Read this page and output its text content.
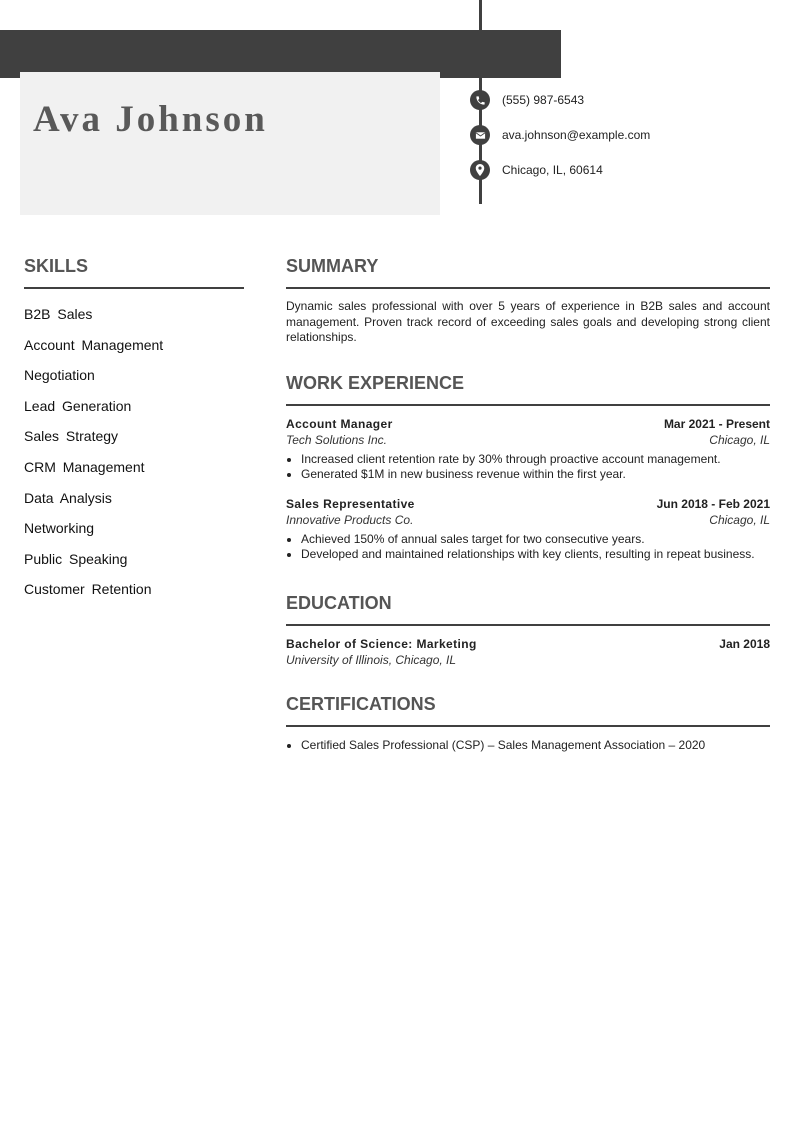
Ava Johnson	(555) 987-6543
ava.johnson@example.com
Chicago, IL, 60614
SKILLS
B2B Sales
Account Management
Negotiation
Lead Generation
Sales Strategy
CRM Management
Data Analysis
Networking
Public Speaking
Customer Retention
SUMMARY

Dynamic sales professional with over 5 years of experience in B2B sales and account management. Proven track record of exceeding sales goals and developing strong client relationships.

WORK EXPERIENCE
Account Manager	Mar 2021 - Present
Tech Solutions Inc.	Chicago, IL
• Increased client retention rate by 30% through proactive account management.
• Generated $1M in new business revenue within the first year.
Sales Representative	Jun 2018 - Feb 2021
Innovative Products Co.	Chicago, IL
• Achieved 150% of annual sales target for two consecutive years.
• Developed and maintained relationships with key clients, resulting in repeat business.
EDUCATION
Bachelor of Science: Marketing	Jan 2018
University of Illinois, Chicago, IL
CERTIFICATIONS
• Certified Sales Professional (CSP) – Sales Management Association – 2020
